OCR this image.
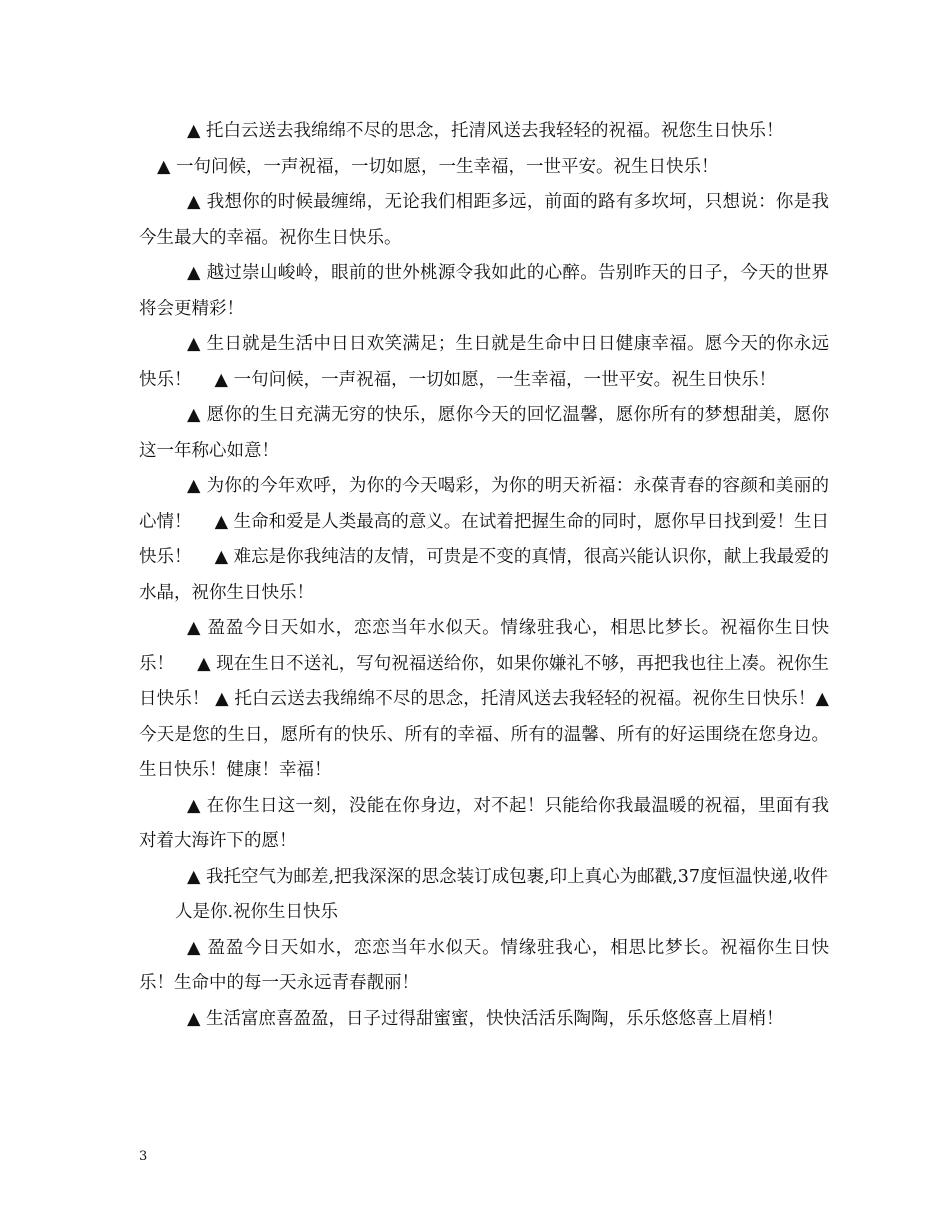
▲ 托白云送去我绵绵不尽的思念，托清风送去我轻轻的祝福。祝您生日快乐！

▲ 一句问候，一声祝福，一切如愿，一生幸福，一世平安。祝生日快乐！

▲ 我想你的时候最缠绵，无论我们相距多远，前面的路有多坎坷，只想说：你是我今生最大的幸福。祝你生日快乐。

▲ 越过崇山峻岭，眼前的世外桃源令我如此的心醉。告别昨天的日子，今天的世界将会更精彩！

▲ 生日就是生活中日日欢笑满足；生日就是生命中日日健康幸福。愿今天的你永远快乐！　 ▲ 一句问候，一声祝福，一切如愿，一生幸福，一世平安。祝生日快乐！

▲ 愿你的生日充满无穷的快乐，愿你今天的回忆温馨，愿你所有的梦想甜美，愿你这一年称心如意！

▲ 为你的今年欢呼，为你的今天喝彩，为你的明天祈福：永葆青春的容颜和美丽的心情！　 ▲ 生命和爱是人类最高的意义。在试着把握生命的同时，愿你早日找到爱！生日快乐！　 ▲ 难忘是你我纯洁的友情，可贵是不变的真情，很高兴能认识你，献上我最爱的水晶，祝你生日快乐！

▲ 盈盈今日天如水，恋恋当年水似天。情缘驻我心，相思比梦长。祝福你生日快乐！　 ▲ 现在生日不送礼，写句祝福送给你，如果你嫌礼不够，再把我也往上凑。祝你生日快乐！ ▲ 托白云送去我绵绵不尽的思念，托清风送去我轻轻的祝福。祝你生日快乐！▲ 今天是您的生日，愿所有的快乐、所有的幸福、所有的温馨、所有的好运围绕在您身边。生日快乐！健康！幸福！

▲ 在你生日这一刻，没能在你身边，对不起！只能给你我最温暖的祝福，里面有我对着大海许下的愿！

▲ 我托空气为邮差,把我深深的思念装订成包裹,印上真心为邮戳,37度恒温快递,收件

人是你.祝你生日快乐

▲ 盈盈今日天如水，恋恋当年水似天。情缘驻我心，相思比梦长。祝福你生日快乐！生命中的每一天永远青春靓丽！

▲ 生活富庶喜盈盈，日子过得甜蜜蜜，快快活活乐陶陶，乐乐悠悠喜上眉梢！

3
